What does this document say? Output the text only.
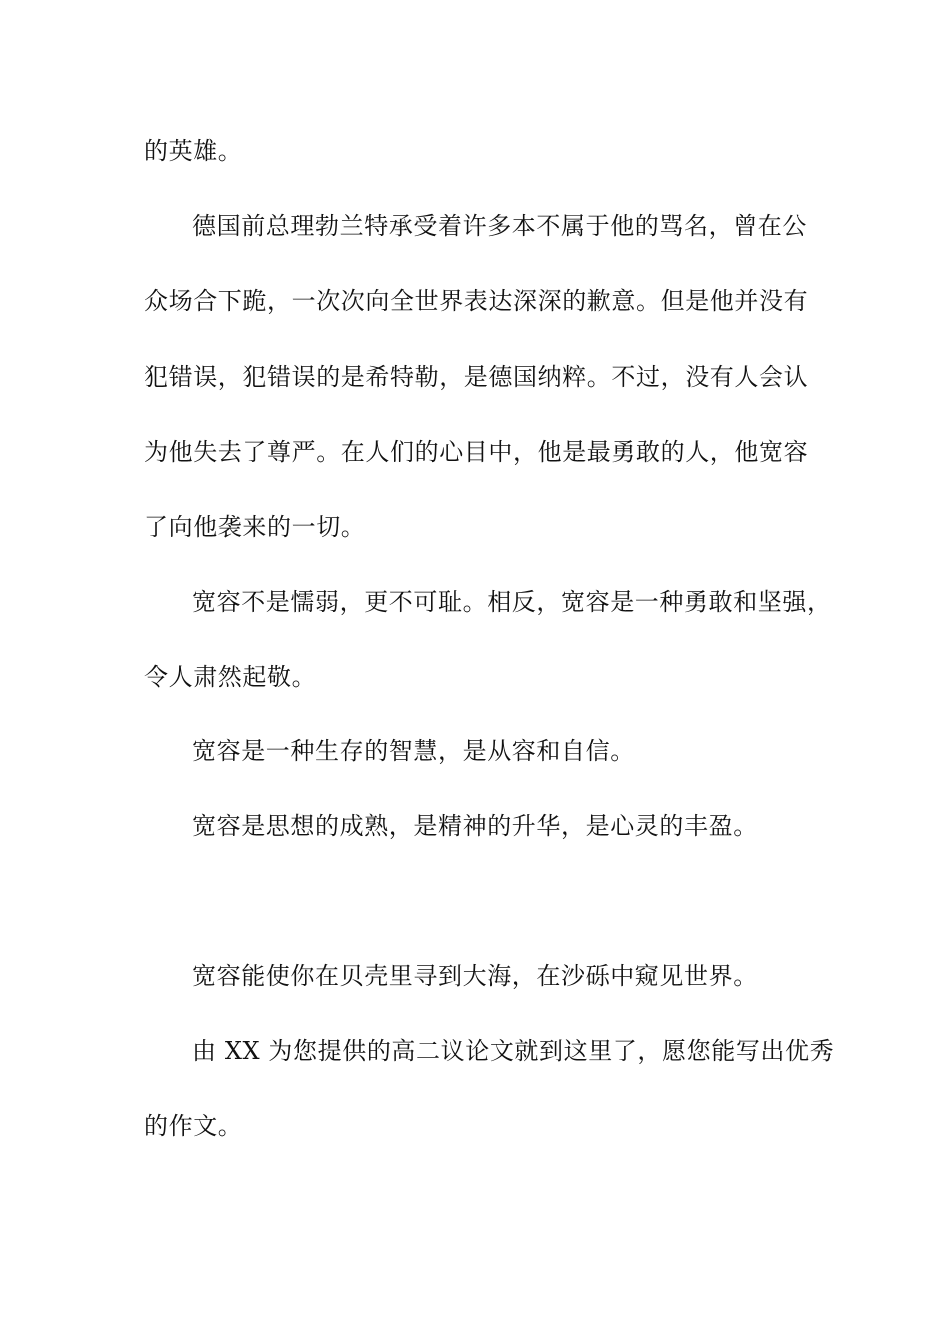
的英雄。
德国前总理勃兰特承受着许多本不属于他的骂名，曾在公
众场合下跪，一次次向全世界表达深深的歉意。但是他并没有
犯错误，犯错误的是希特勒，是德国纳粹。不过，没有人会认
为他失去了尊严。在人们的心目中，他是最勇敢的人，他宽容
了向他袭来的一切。
宽容不是懦弱，更不可耻。相反，宽容是一种勇敢和坚强，
令人肃然起敬。
宽容是一种生存的智慧，是从容和自信。
宽容是思想的成熟，是精神的升华，是心灵的丰盈。
宽容能使你在贝壳里寻到大海，在沙砾中窥见世界。
由 XX 为您提供的高二议论文就到这里了，愿您能写出优秀
的作文。
